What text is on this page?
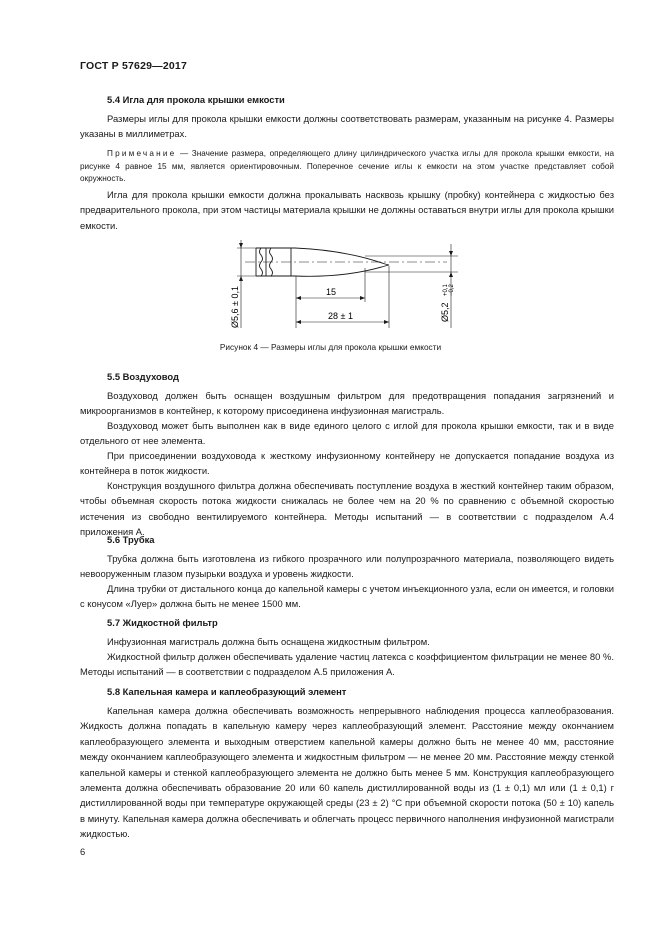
ГОСТ Р 57629—2017
5.4 Игла для прокола крышки емкости

Размеры иглы для прокола крышки емкости должны соответствовать размерам, указанным на рисунке 4. Размеры указаны в миллиметрах.

Примечание — Значение размера, определяющего длину цилиндрического участка иглы для прокола крышки емкости, на рисунке 4 равное 15 мм, является ориентировочным. Поперечное сечение иглы к емкости на этом участке представляет собой окружность.

Игла для прокола крышки емкости должна прокалывать насквозь крышку (пробку) контейнера с жидкостью без предварительного прокола, при этом частицы материала крышки не должны оставаться внутри иглы для прокола крышки емкости.

Ø5,6 ± 0,1	15
28 ± 1	Ø5,2
+0,1 −0,2
Рисунок 4 — Размеры иглы для прокола крышки емкости
5.5 Воздуховод

Воздуховод должен быть оснащен воздушным фильтром для предотвращения попадания загрязнений и микроорганизмов в контейнер, к которому присоединена инфузионная магистраль.

Воздуховод может быть выполнен как в виде единого целого с иглой для прокола крышки емкости, так и в виде отдельного от нее элемента.

При присоединении воздуховода к жесткому инфузионному контейнеру не допускается попадание воздуха из контейнера в поток жидкости.

Конструкция воздушного фильтра должна обеспечивать поступление воздуха в жесткий контейнер таким образом, чтобы объемная скорость потока жидкости снижалась не более чем на 20 % по сравнению с объемной скоростью истечения из свободно вентилируемого контейнера. Методы испытаний — в соответствии с подразделом А.4 приложения А.

5.6 Трубка

Трубка должна быть изготовлена из гибкого прозрачного или полупрозрачного материала, позволяющего видеть невооруженным глазом пузырьки воздуха и уровень жидкости.

Длина трубки от дистального конца до капельной камеры с учетом инъекционного узла, если он имеется, и головки с конусом «Луер» должна быть не менее 1500 мм.

5.7 Жидкостной фильтр

Инфузионная магистраль должна быть оснащена жидкостным фильтром.

Жидкостной фильтр должен обеспечивать удаление частиц латекса с коэффициентом фильтрации не менее 80 %. Методы испытаний — в соответствии с подразделом А.5 приложения А.

5.8 Капельная камера и каплеобразующий элемент

Капельная камера должна обеспечивать возможность непрерывного наблюдения процесса каплеобразования. Жидкость должна попадать в капельную камеру через каплеобразующий элемент. Расстояние между окончанием каплеобразующего элемента и выходным отверстием капельной камеры должно быть не менее 40 мм, расстояние между окончанием каплеобразующего элемента и жидкостным фильтром — не менее 20 мм. Расстояние между стенкой капельной камеры и стенкой каплеобразующего элемента не должно быть менее 5 мм. Конструкция каплеобразующего элемента должна обеспечивать образование 20 или 60 капель дистиллированной воды из (1 ± 0,1) мл или (1 ± 0,1) г дистиллированной воды при температуре окружающей среды (23 ± 2) °C при объемной скорости потока (50 ± 10) капель в минуту. Капельная камера должна обеспечивать и облегчать процесс первичного наполнения инфузионной магистрали жидкостью.

6
